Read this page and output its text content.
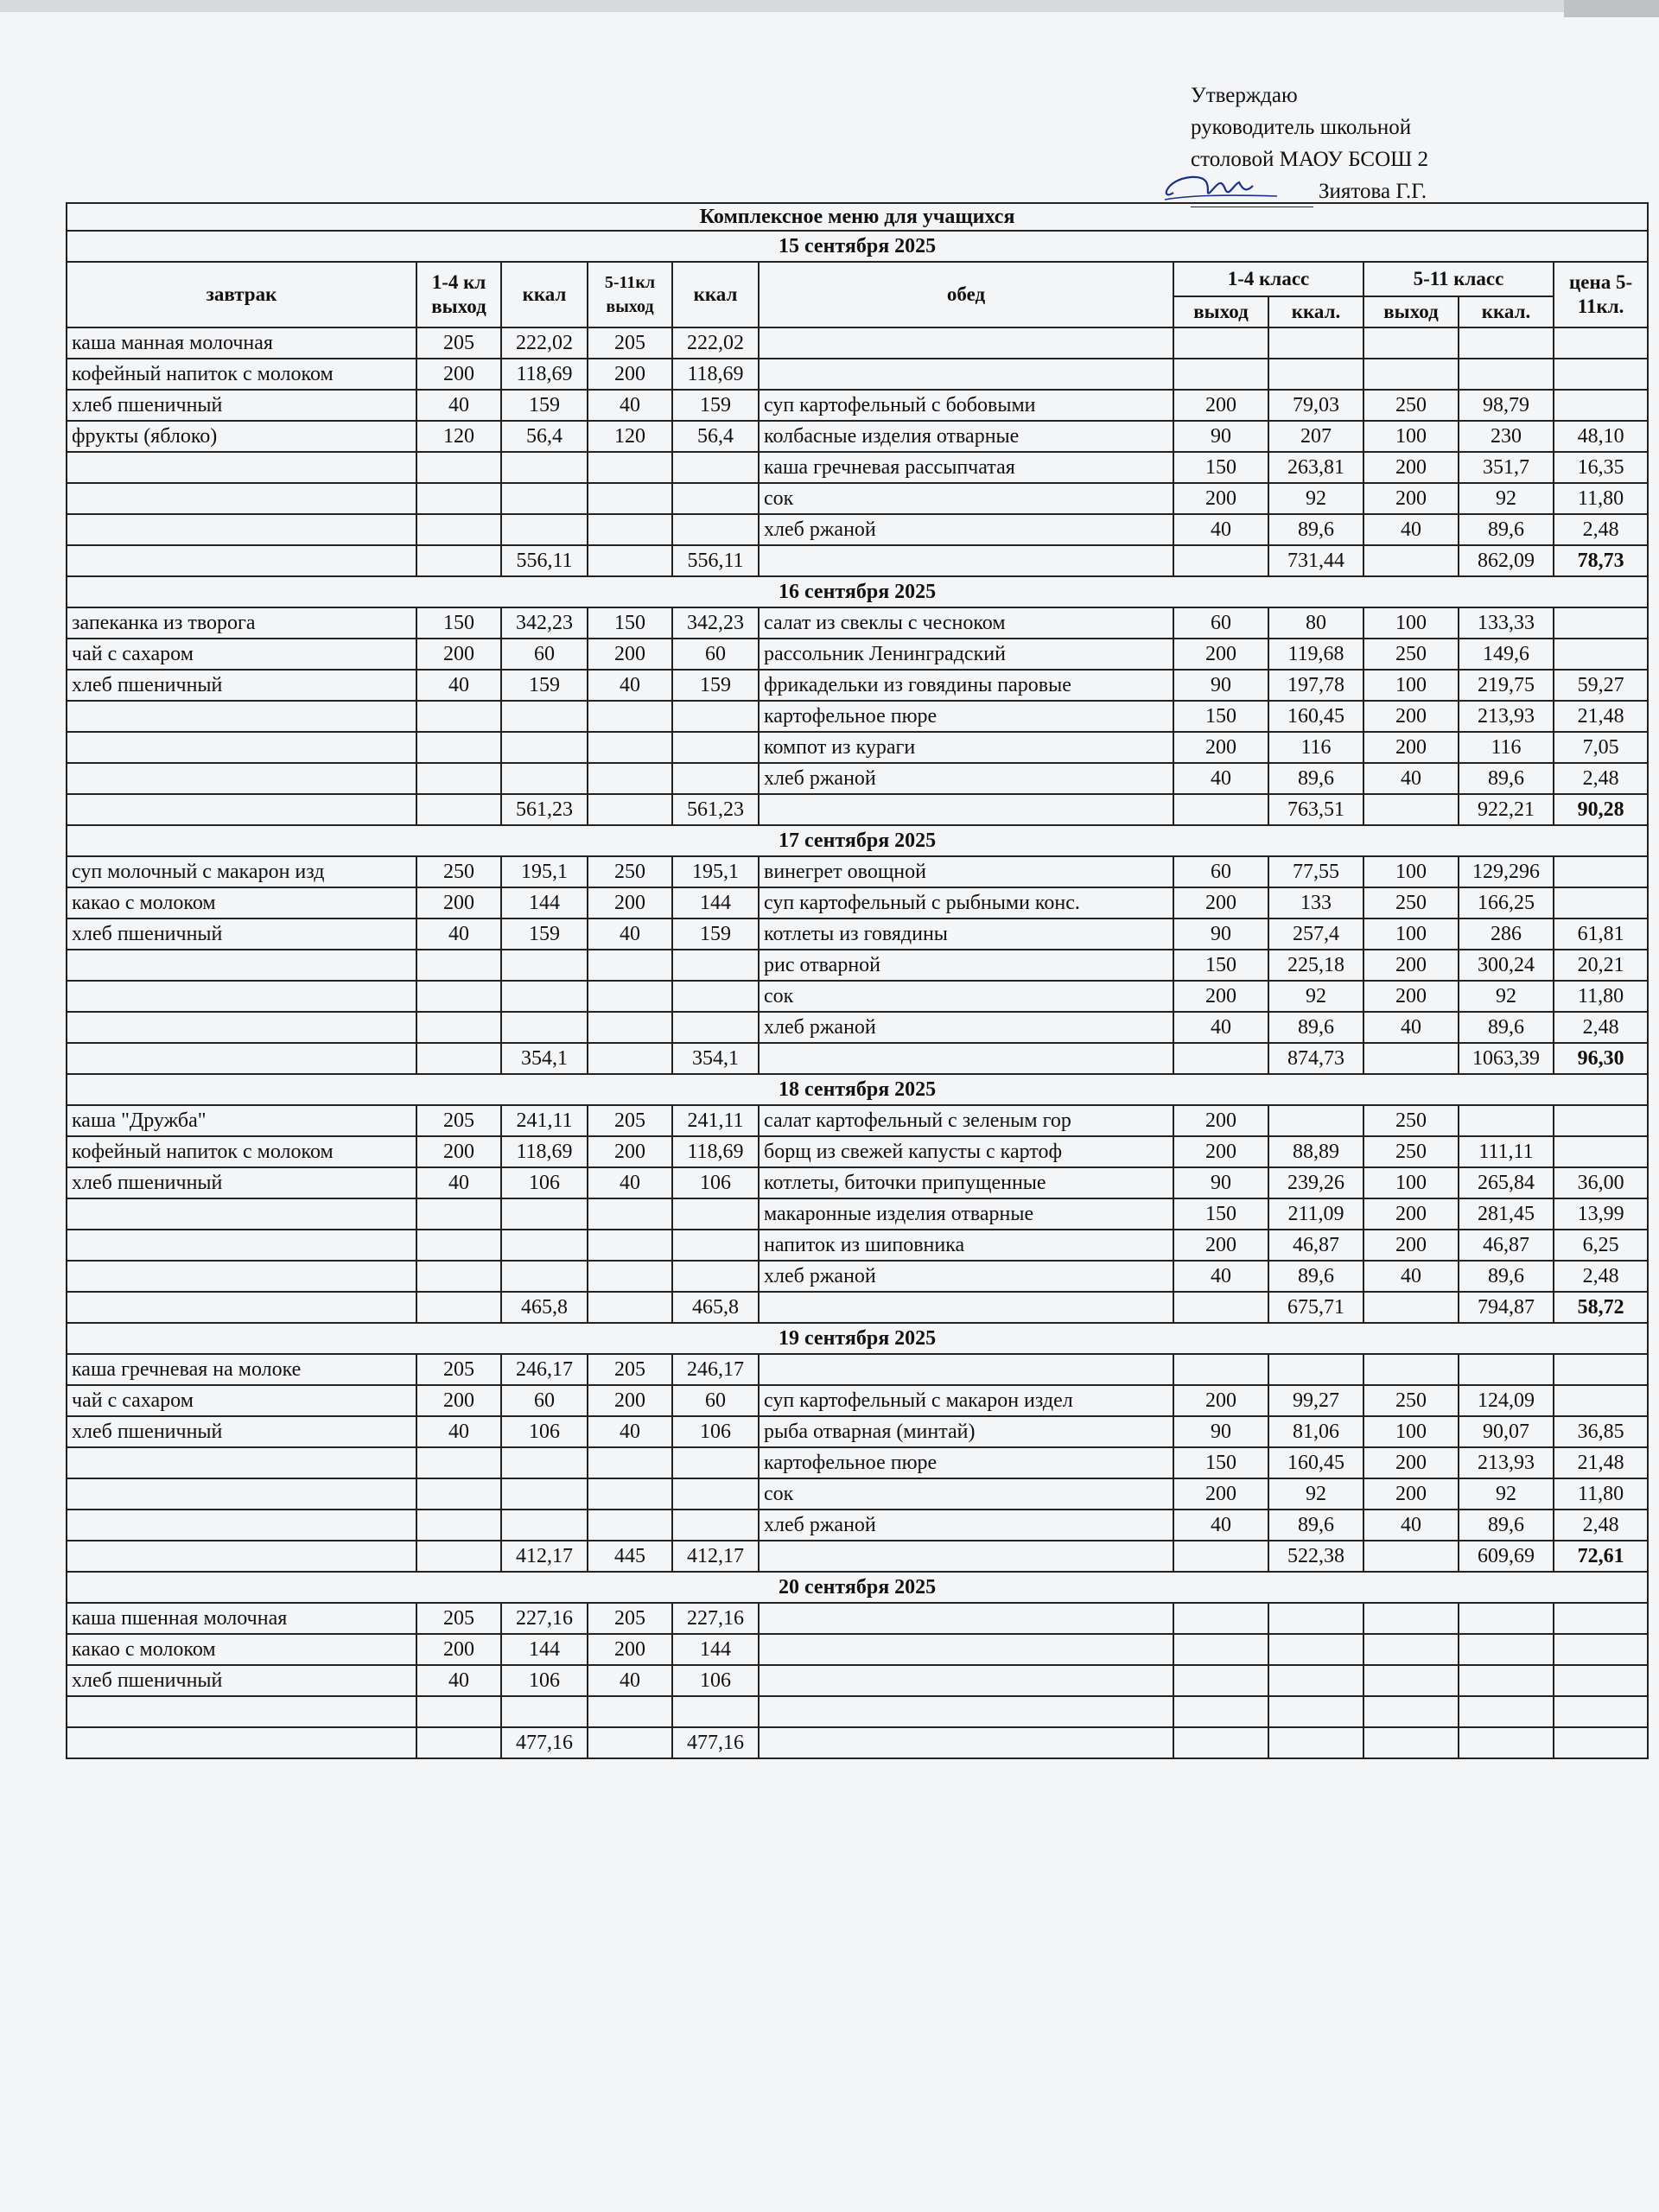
Утверждаю
руководитель школьной
столовой МАОУ БСОШ 2
Зиятова Г.Г.
Комплексное меню для учащихся										
15 сентября 2025										
завтрак	1-4 кл выход	ккал	5-11кл выход	ккал	обед	1-4 класс		5-11 класс		цена 5-11кл.
						выход	ккал.	выход	ккал.	
каша манная молочная	205	222,02	205	222,02						
кофейный напиток с молоком	200	118,69	200	118,69						
хлеб пшеничный	40	159	40	159	суп картофельный с бобовыми	200	79,03	250	98,79	
фрукты (яблоко)	120	56,4	120	56,4	колбасные изделия отварные	90	207	100	230	48,10
					каша гречневая рассыпчатая	150	263,81	200	351,7	16,35
					сок	200	92	200	92	11,80
					хлеб ржаной	40	89,6	40	89,6	2,48
		556,11		556,11			731,44		862,09	78,73
16 сентября 2025										
запеканка из творога	150	342,23	150	342,23	салат из свеклы с чесноком	60	80	100	133,33	
чай с сахаром	200	60	200	60	рассольник Ленинградский	200	119,68	250	149,6	
хлеб пшеничный	40	159	40	159	фрикадельки из говядины паровые	90	197,78	100	219,75	59,27
					картофельное пюре	150	160,45	200	213,93	21,48
					компот из кураги	200	116	200	116	7,05
					хлеб ржаной	40	89,6	40	89,6	2,48
		561,23		561,23			763,51		922,21	90,28
17 сентября 2025										
суп молочный с макарон изд	250	195,1	250	195,1	винегрет овощной	60	77,55	100	129,296	
какао с молоком	200	144	200	144	суп картофельный с рыбными конс.	200	133	250	166,25	
хлеб пшеничный	40	159	40	159	котлеты из говядины	90	257,4	100	286	61,81
					рис отварной	150	225,18	200	300,24	20,21
					сок	200	92	200	92	11,80
					хлеб ржаной	40	89,6	40	89,6	2,48
		354,1		354,1			874,73		1063,39	96,30
18 сентября 2025										
каша "Дружба"	205	241,11	205	241,11	салат картофельный с зеленым гор	200		250		
кофейный напиток с молоком	200	118,69	200	118,69	борщ из свежей капусты с картоф	200	88,89	250	111,11	
хлеб пшеничный	40	106	40	106	котлеты, биточки припущенные	90	239,26	100	265,84	36,00
					макаронные изделия отварные	150	211,09	200	281,45	13,99
					напиток из шиповника	200	46,87	200	46,87	6,25
					хлеб ржаной	40	89,6	40	89,6	2,48
		465,8		465,8			675,71		794,87	58,72
19 сентября 2025										
каша гречневая на молоке	205	246,17	205	246,17						
чай с сахаром	200	60	200	60	суп картофельный с макарон издел	200	99,27	250	124,09	
хлеб пшеничный	40	106	40	106	рыба отварная (минтай)	90	81,06	100	90,07	36,85
					картофельное пюре	150	160,45	200	213,93	21,48
					сок	200	92	200	92	11,80
					хлеб ржаной	40	89,6	40	89,6	2,48
		412,17	445	412,17			522,38		609,69	72,61
20 сентября 2025										
каша пшенная молочная	205	227,16	205	227,16						
какао с молоком	200	144	200	144						
хлеб пшеничный	40	106	40	106						

		477,16		477,16						
